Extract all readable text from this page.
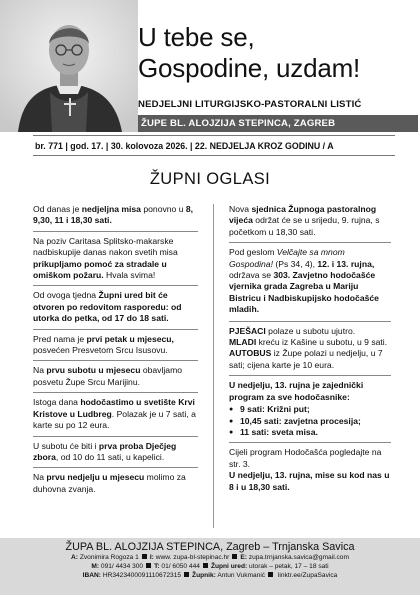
U tebe se,
Gospodine, uzdam!
NEDJELJNI LITURGIJSKO-PASTORALNI LISTIĆ
ŽUPE BL. ALOJZIJA STEPINCA, ZAGREB
br. 771 | god. 17. | 30. kolovoza 2026. | 22. NEDJELJA KROZ GODINU / A
ŽUPNI OGLASI
Od danas je nedjeljna misa ponovno u 8, 9,30, 11 i 18,30 sati.
Na poziv Caritasa Splitsko-makarske nadbiskupije danas nakon svetih misa prikupljamo pomoć za stradale u omiškom požaru. Hvala svima!
Od ovoga tjedna Župni ured bit će otvoren po redovitom rasporedu: od utorka do petka, od 17 do 18 sati.
Pred nama je prvi petak u mjesecu, posvećen Presvetom Srcu Isusovu.
Na prvu subotu u mjesecu obavljamo posvetu Župe Srcu Marijinu.
Istoga dana hodočastimo u svetište Krvi Kristove u Ludbreg. Polazak je u 7 sati, a karte su po 12 eura.
U subotu će biti i prva proba Dječjeg zbora, od 10 do 11 sati, u kapelici.
Na prvu nedjelju u mjesecu molimo za duhovna zvanja.
Nova sjednica Župnoga pastoralnog vijeća održat će se u srijedu, 9. rujna, s početkom u 18,30 sati.
Pod geslom Velčajte sa mnom Gospodina! (Ps 34, 4), 12. i 13. rujna, održava se 303. Zavjetno hodočašće vjernika grada Zagreba u Mariju Bistricu i Nadbiskupijsko hodočašće mladih.
PJEŠACI polaze u subotu ujutro.
MLADI kreću iz Kašine u subotu, u 9 sati.
AUTOBUS iz Župe polazi u nedjelju, u 7 sati; cijena karte je 10 eura.
U nedjelju, 13. rujna je zajednički program za sve hodočasnike:
● 9 sati: Križni put;
● 10,45 sati: zavjetna procesija;
● 11 sati: sveta misa.
Cijeli program Hodočašća pogledajte na str. 3.
U nedjelju, 13. rujna, mise su kod nas u 8 i u 18,30 sati.
ŽUPA BL. ALOJZIJA STEPINCA, Zagreb – Trnjanska Savica
A: Zvonimira Rogoza 1 I: www. zupa-bl-stepinac.hr E: zupa.trnjanska.savica@gmail.com
M: 091/ 4434 300 T: 01/ 6050 444 Župni ured: utorak – petak, 17 – 18 sati
IBAN: HR3423400091110672315 Župnik: Antun Vukmanić linktr.ee/ZupaSavica
